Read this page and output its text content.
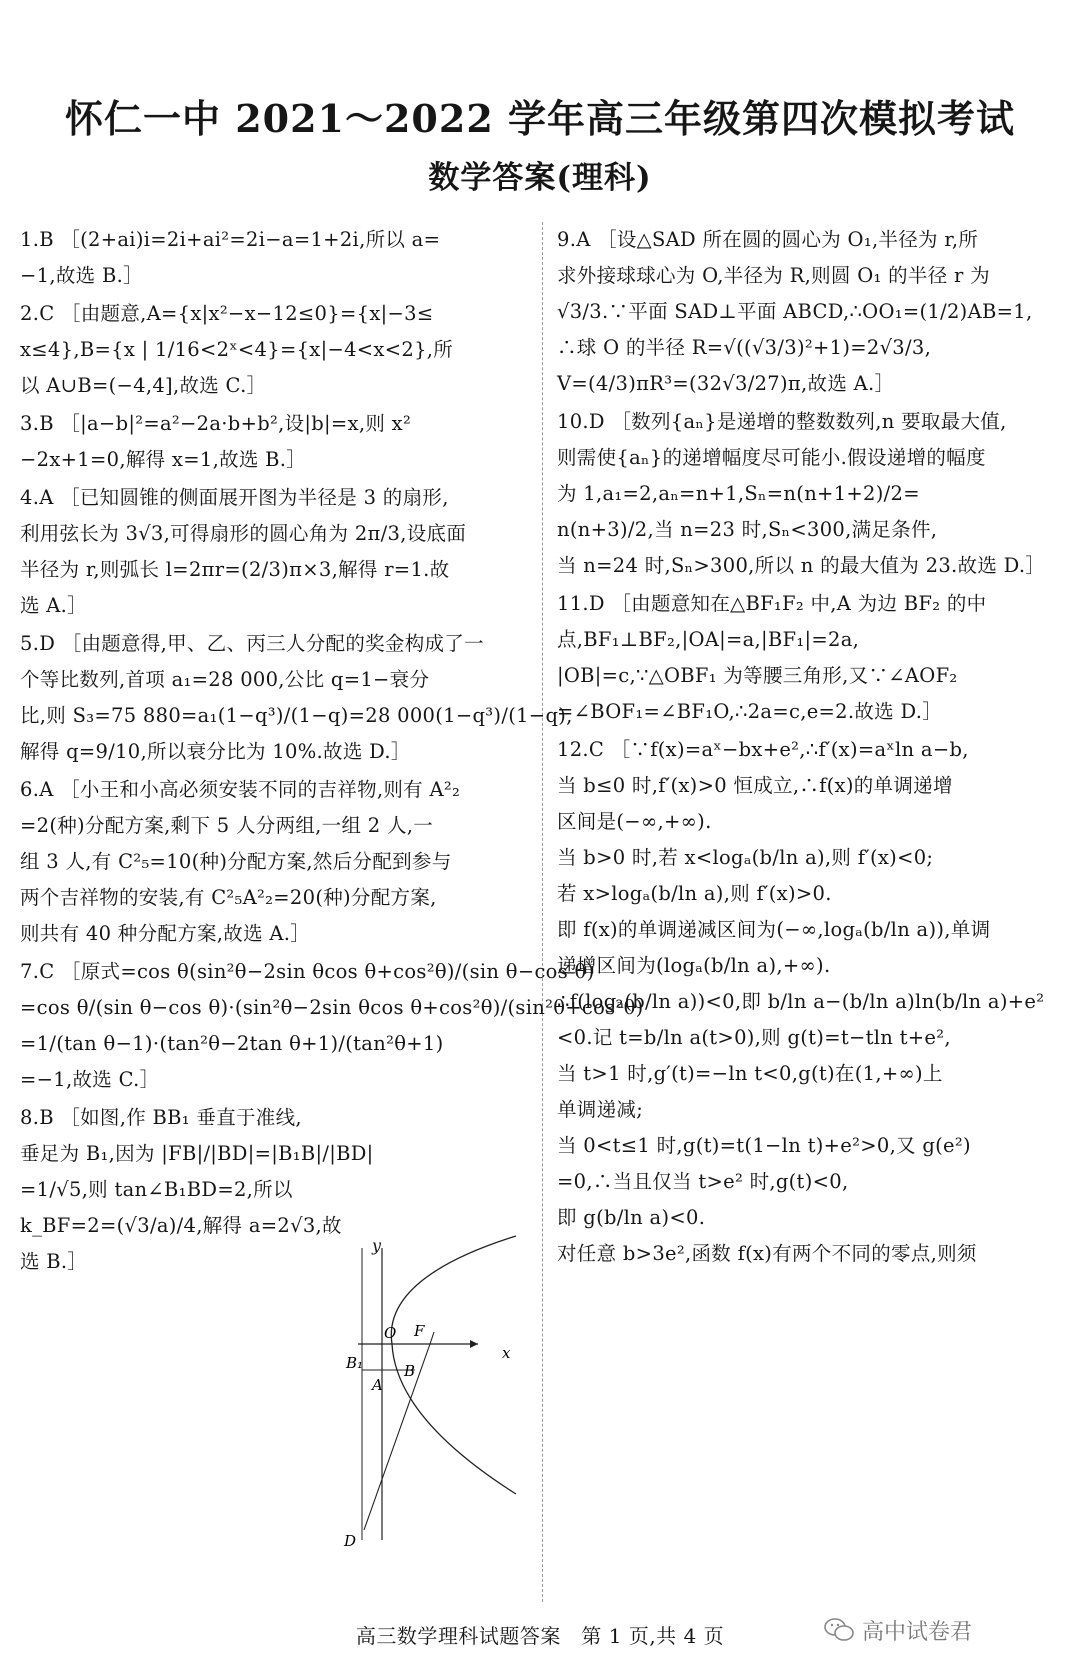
怀仁一中 2021～2022 学年高三年级第四次模拟考试
数学答案(理科)
1.B ［(2+ai)i=2i+ai²=2i−a=1+2i,所以 a=
−1,故选 B.］
2.C ［由题意,A={x|x²−x−12≤0}={x|−3≤
x≤4},B={x | 1/16<2ˣ<4}={x|−4<x<2},所
以 A∪B=(−4,4],故选 C.］
3.B ［|a−b|²=a²−2a·b+b²,设|b|=x,则 x²
−2x+1=0,解得 x=1,故选 B.］
4.A ［已知圆锥的侧面展开图为半径是 3 的扇形,
利用弦长为 3√3,可得扇形的圆心角为 2π/3,设底面
半径为 r,则弧长 l=2πr=(2/3)π×3,解得 r=1.故
选 A.］
5.D ［由题意得,甲、乙、丙三人分配的奖金构成了一
个等比数列,首项 a₁=28 000,公比 q=1−衰分
比,则 S₃=75 880=a₁(1−q³)/(1−q)=28 000(1−q³)/(1−q),
解得 q=9/10,所以衰分比为 10%.故选 D.］
6.A ［小王和小高必须安装不同的吉祥物,则有 A²₂
=2(种)分配方案,剩下 5 人分两组,一组 2 人,一
组 3 人,有 C²₅=10(种)分配方案,然后分配到参与
两个吉祥物的安装,有 C²₅A²₂=20(种)分配方案,
则共有 40 种分配方案,故选 A.］
7.C ［原式=cos θ(sin²θ−2sin θcos θ+cos²θ)/(sin θ−cos θ)
=cos θ/(sin θ−cos θ)·(sin²θ−2sin θcos θ+cos²θ)/(sin²θ+cos²θ)
=1/(tan θ−1)·(tan²θ−2tan θ+1)/(tan²θ+1)
=−1,故选 C.］
8.B ［如图,作 BB₁ 垂直于准线,
垂足为 B₁,因为 |FB|/|BD|=|B₁B|/|BD|
=1/√5,则 tan∠B₁BD=2,所以
k_BF=2=(√3/a)/4,解得 a=2√3,故
选 B.］
9.A ［设△SAD 所在圆的圆心为 O₁,半径为 r,所
求外接球球心为 O,半径为 R,则圆 O₁ 的半径 r 为
√3/3.∵平面 SAD⊥平面 ABCD,∴OO₁=(1/2)AB=1,
∴球 O 的半径 R=√((√3/3)²+1)=2√3/3,
V=(4/3)πR³=(32√3/27)π,故选 A.］
10.D ［数列{aₙ}是递增的整数数列,n 要取最大值,
则需使{aₙ}的递增幅度尽可能小.假设递增的幅度
为 1,a₁=2,aₙ=n+1,Sₙ=n(n+1+2)/2=
n(n+3)/2,当 n=23 时,Sₙ<300,满足条件,
当 n=24 时,Sₙ>300,所以 n 的最大值为 23.故选 D.］
11.D ［由题意知在△BF₁F₂ 中,A 为边 BF₂ 的中
点,BF₁⊥BF₂,|OA|=a,|BF₁|=2a,
|OB|=c,∵△OBF₁ 为等腰三角形,又∵∠AOF₂
=∠BOF₁=∠BF₁O,∴2a=c,e=2.故选 D.］
12.C ［∵f(x)=aˣ−bx+e²,∴f′(x)=aˣln a−b,
当 b≤0 时,f′(x)>0 恒成立,∴f(x)的单调递增
区间是(−∞,+∞).
当 b>0 时,若 x<logₐ(b/ln a),则 f′(x)<0;
若 x>logₐ(b/ln a),则 f′(x)>0.
即 f(x)的单调递减区间为(−∞,logₐ(b/ln a)),单调
递增区间为(logₐ(b/ln a),+∞).
∴f(logₐ(b/ln a))<0,即 b/ln a−(b/ln a)ln(b/ln a)+e²
<0.记 t=b/ln a(t>0),则 g(t)=t−tln t+e²,
当 t>1 时,g′(t)=−ln t<0,g(t)在(1,+∞)上
单调递减;
当 0<t≤1 时,g(t)=t(1−ln t)+e²>0,又 g(e²)
=0,∴当且仅当 t>e² 时,g(t)<0,
即 g(b/ln a)<0.
对任意 b>3e²,函数 f(x)有两个不同的零点,则须
O F
x
B₁	B
A
D
y
高三数学理科试题答案　第 1 页,共 4 页	高中试卷君
